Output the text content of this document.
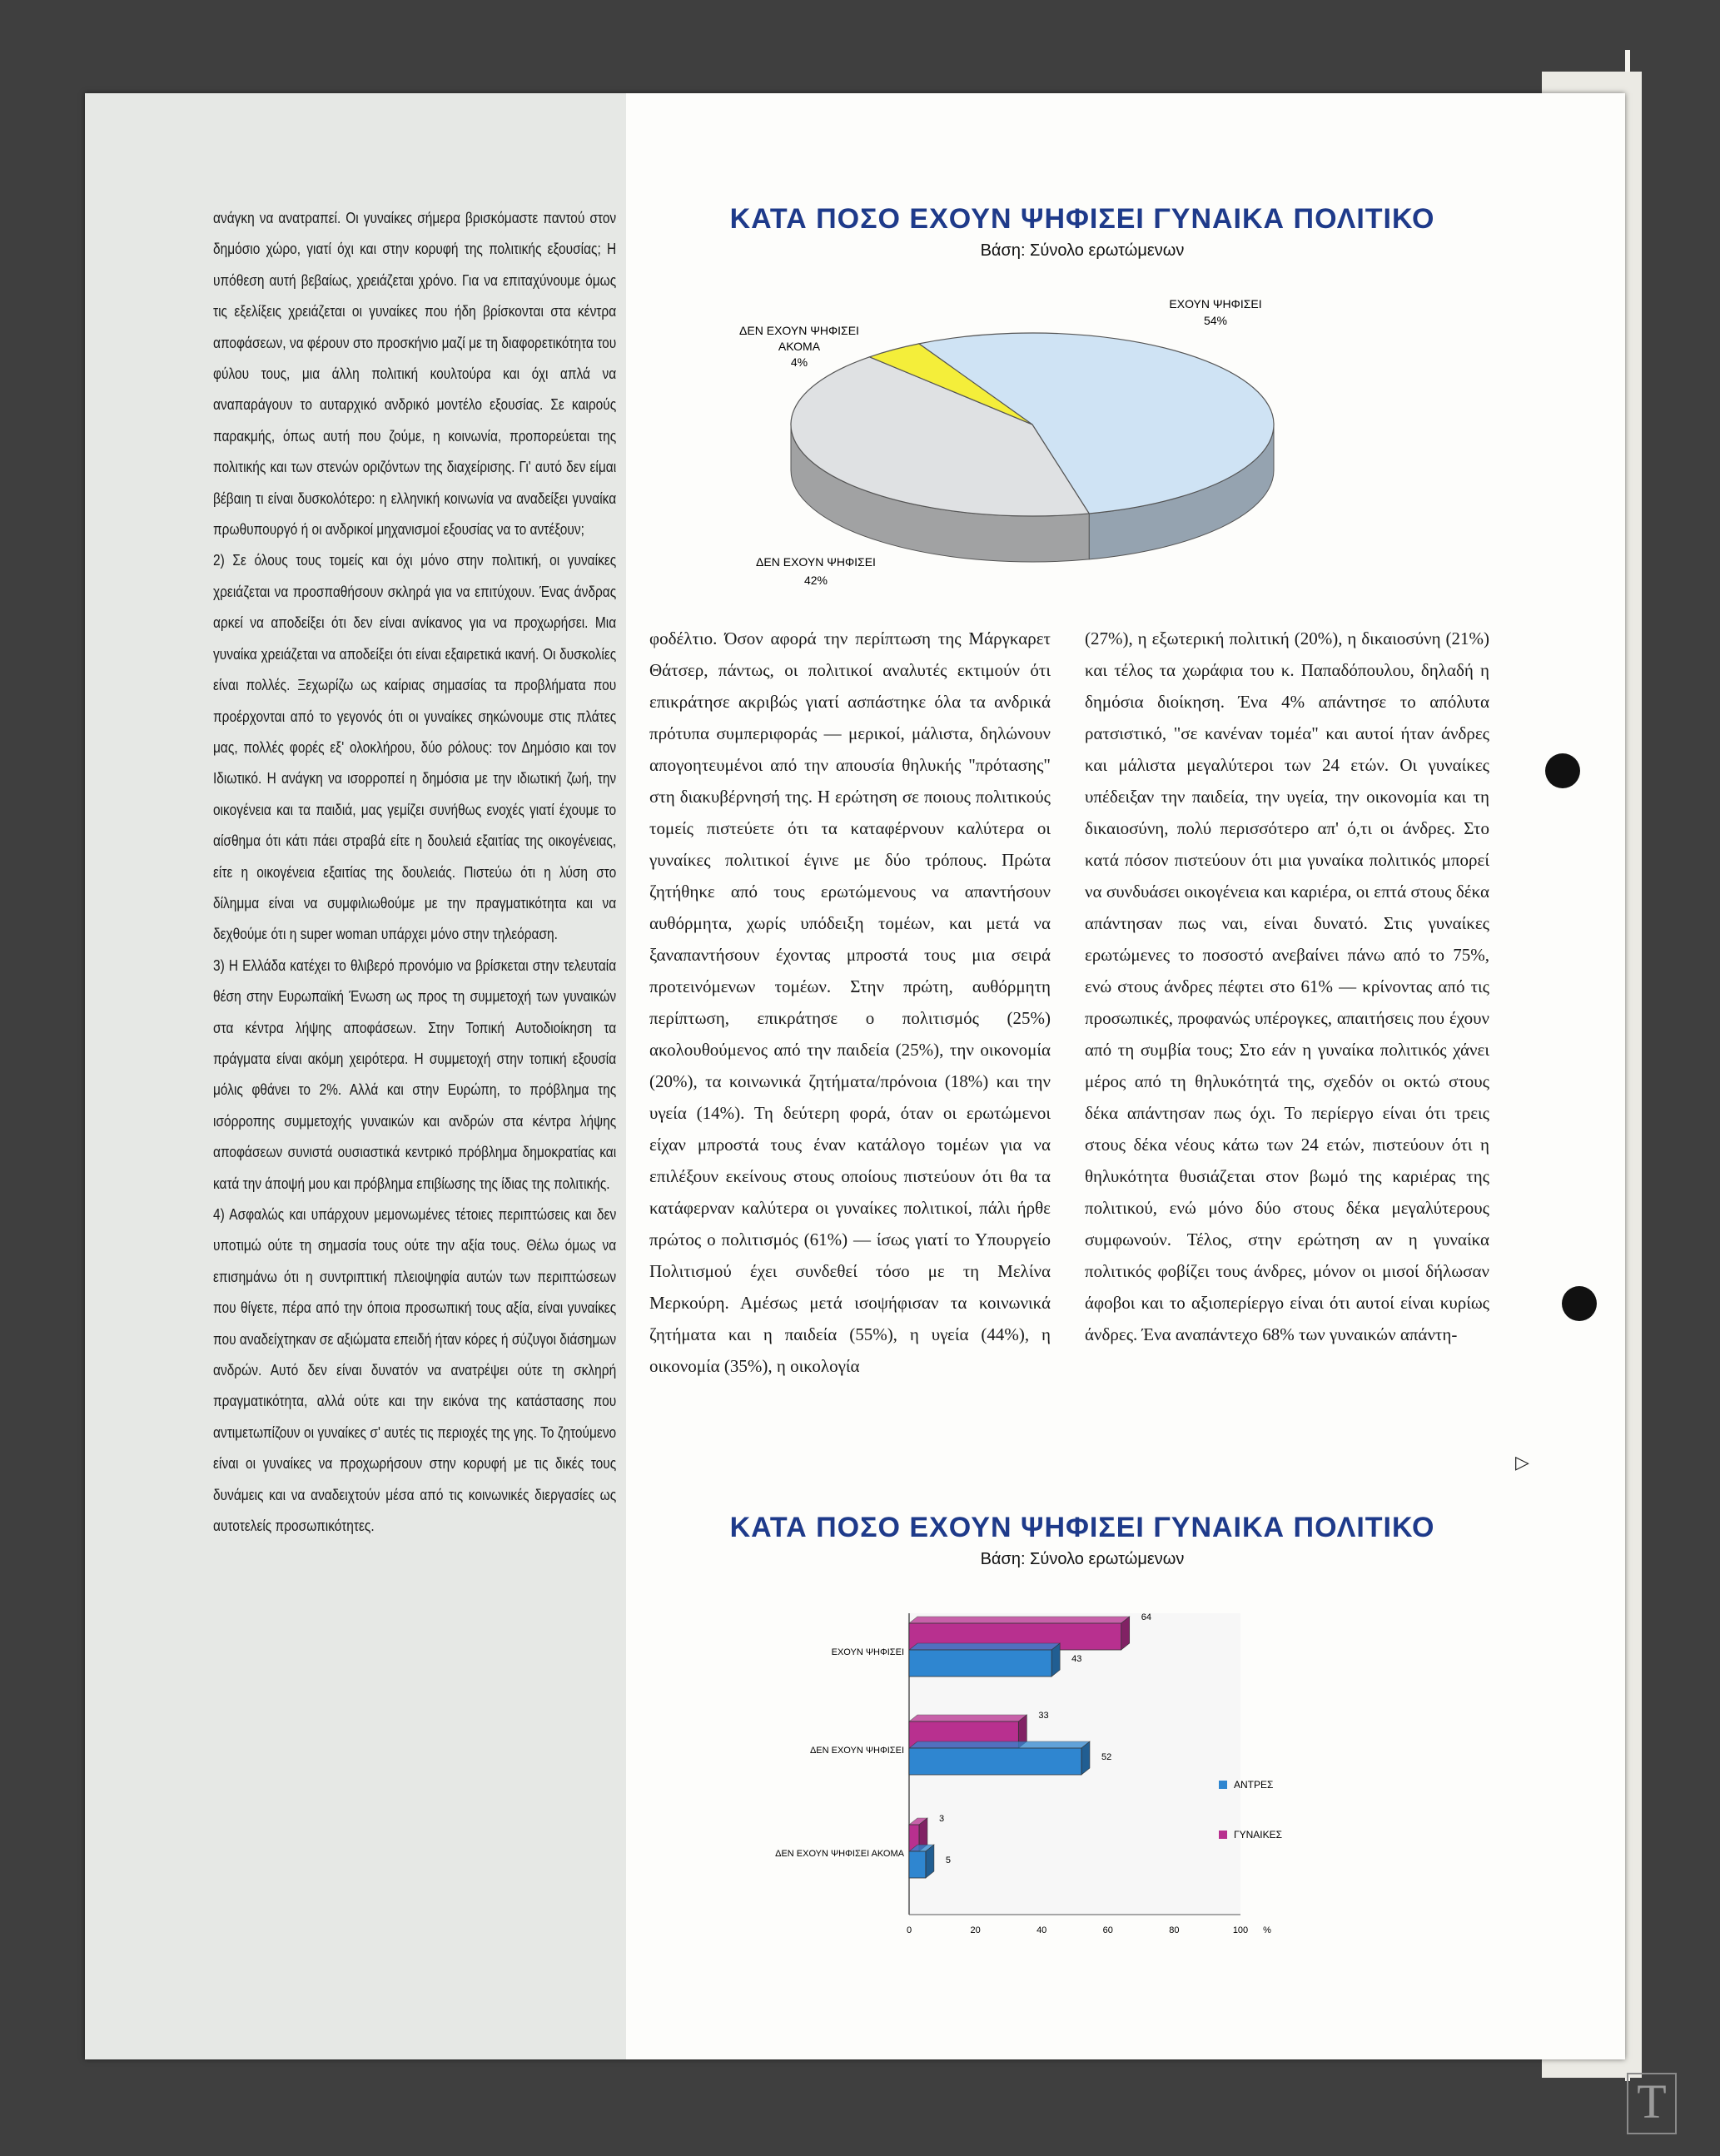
ανάγκη να ανατραπεί. Οι γυναίκες σήμερα βρισκόμαστε παντού στον δημόσιο χώρο, γιατί όχι και στην κορυφή της πολιτικής εξουσίας; Η υπόθεση αυτή βεβαίως, χρειάζεται χρόνο. Για να επιταχύνουμε όμως τις εξελίξεις χρειάζεται οι γυναίκες που ήδη βρίσκονται στα κέντρα αποφάσεων, να φέρουν στο προσκήνιο μαζί με τη διαφορετικότητα του φύλου τους, μια άλλη πολιτική κουλτούρα και όχι απλά να αναπαράγουν το αυταρχικό ανδρικό μοντέλο εξουσίας. Σε καιρούς παρακμής, όπως αυτή που ζούμε, η κοινωνία, προπορεύεται της πολιτικής και των στενών οριζόντων της διαχείρισης. Γι' αυτό δεν είμαι βέβαιη τι είναι δυσκολότερο: η ελληνική κοινωνία να αναδείξει γυναίκα πρωθυπουργό ή οι ανδρικοί μηχανισμοί εξουσίας να το αντέξουν;

2) Σε όλους τους τομείς και όχι μόνο στην πολιτική, οι γυναίκες χρειάζεται να προσπαθήσουν σκληρά για να επιτύχουν. Ένας άνδρας αρκεί να αποδείξει ότι δεν είναι ανίκανος για να προχωρήσει. Μια γυναίκα χρειάζεται να αποδείξει ότι είναι εξαιρετικά ικανή. Οι δυσκολίες είναι πολλές. Ξεχωρίζω ως καίριας σημασίας τα προβλήματα που προέρχονται από το γεγονός ότι οι γυναίκες σηκώνουμε στις πλάτες μας, πολλές φορές εξ' ολοκλήρου, δύο ρόλους: τον Δημόσιο και τον Ιδιωτικό. Η ανάγκη να ισορροπεί η δημόσια με την ιδιωτική ζωή, την οικογένεια και τα παιδιά, μας γεμίζει συνήθως ενοχές γιατί έχουμε το αίσθημα ότι κάτι πάει στραβά είτε η δουλειά εξαιτίας της οικογένειας, είτε η οικογένεια εξαιτίας της δουλειάς. Πιστεύω ότι η λύση στο δίλημμα είναι να συμφιλιωθούμε με την πραγματικότητα και να δεχθούμε ότι η super woman υπάρχει μόνο στην τηλεόραση.

3) Η Ελλάδα κατέχει το θλιβερό προνόμιο να βρίσκεται στην τελευταία θέση στην Ευρωπαϊκή Ένωση ως προς τη συμμετοχή των γυναικών στα κέντρα λήψης αποφάσεων. Στην Τοπική Αυτοδιοίκηση τα πράγματα είναι ακόμη χειρότερα. Η συμμετοχή στην τοπική εξουσία μόλις φθάνει το 2%. Αλλά και στην Ευρώπη, το πρόβλημα της ισόρροπης συμμετοχής γυναικών και ανδρών στα κέντρα λήψης αποφάσεων συνιστά ουσιαστικά κεντρικό πρόβλημα δημοκρατίας και κατά την άποψή μου και πρόβλημα επιβίωσης της ίδιας της πολιτικής.

4) Ασφαλώς και υπάρχουν μεμονωμένες τέτοιες περιπτώσεις και δεν υποτιμώ ούτε τη σημασία τους ούτε την αξία τους. Θέλω όμως να επισημάνω ότι η συντριπτική πλειοψηφία αυτών των περιπτώσεων που θίγετε, πέρα από την όποια προσωπική τους αξία, είναι γυναίκες που αναδείχτηκαν σε αξιώματα επειδή ήταν κόρες ή σύζυγοι διάσημων ανδρών. Αυτό δεν είναι δυνατόν να ανατρέψει ούτε τη σκληρή πραγματικότητα, αλλά ούτε και την εικόνα της κατάστασης που αντιμετωπίζουν οι γυναίκες σ' αυτές τις περιοχές της γης. Το ζητούμενο είναι οι γυναίκες να προχωρήσουν στην κορυφή με τις δικές τους δυνάμεις και να αναδειχτούν μέσα από τις κοινωνικές διεργασίες ως αυτοτελείς προσωπικότητες.

φοδέλτιο. Όσον αφορά την περίπτωση της Μάργκαρετ Θάτσερ, πάντως, οι πολιτικοί αναλυτές εκτιμούν ότι επικράτησε ακριβώς γιατί ασπάστηκε όλα τα ανδρικά πρότυπα συμπεριφοράς — μερικοί, μάλιστα, δηλώνουν απογοητευμένοι από την απουσία θηλυκής "πρότασης" στη διακυβέρνησή της. Η ερώτηση σε ποιους πολιτικούς τομείς πιστεύετε ότι τα καταφέρνουν καλύτερα οι γυναίκες πολιτικοί έγινε με δύο τρόπους. Πρώτα ζητήθηκε από τους ερωτώμενους να απαντήσουν αυθόρμητα, χωρίς υπόδειξη τομέων, και μετά να ξαναπαντήσουν έχοντας μπροστά τους μια σειρά προτεινόμενων τομέων. Στην πρώτη, αυθόρμητη περίπτωση, επικράτησε ο πολιτισμός (25%) ακολουθούμενος από την παιδεία (25%), την οικονομία (20%), τα κοινωνικά ζητήματα/πρόνοια (18%) και την υγεία (14%). Τη δεύτερη φορά, όταν οι ερωτώμενοι είχαν μπροστά τους έναν κατάλογο τομέων για να επιλέξουν εκείνους στους οποίους πιστεύουν ότι θα τα κατάφερναν καλύτερα οι γυναίκες πολιτικοί, πάλι ήρθε πρώτος ο πολιτισμός (61%) — ίσως γιατί το Υπουργείο Πολιτισμού έχει συνδεθεί τόσο με τη Μελίνα Μερκούρη. Αμέσως μετά ισοψήφισαν τα κοινωνικά ζητήματα και η παιδεία (55%), η υγεία (44%), η οικονομία (35%), η οικολογία

(27%), η εξωτερική πολιτική (20%), η δικαιοσύνη (21%) και τέλος τα χωράφια του κ. Παπαδόπουλου, δηλαδή η δημόσια διοίκηση. Ένα 4% απάντησε το απόλυτα ρατσιστικό, "σε κανέναν τομέα" και αυτοί ήταν άνδρες και μάλιστα μεγαλύτεροι των 24 ετών. Οι γυναίκες υπέδειξαν την παιδεία, την υγεία, την οικονομία και τη δικαιοσύνη, πολύ περισσότερο απ' ό,τι οι άνδρες. Στο κατά πόσον πιστεύουν ότι μια γυναίκα πολιτικός μπορεί να συνδυάσει οικογένεια και καριέρα, οι επτά στους δέκα απάντησαν πως ναι, είναι δυνατό. Στις γυναίκες ερωτώμενες το ποσοστό ανεβαίνει πάνω από το 75%, ενώ στους άνδρες πέφτει στο 61% — κρίνοντας από τις προσωπικές, προφανώς υπέρογκες, απαιτήσεις που έχουν από τη συμβία τους; Στο εάν η γυναίκα πολιτικός χάνει μέρος από τη θηλυκότητά της, σχεδόν οι οκτώ στους δέκα απάντησαν πως όχι. Το περίεργο είναι ότι τρεις στους δέκα νέους κάτω των 24 ετών, πιστεύουν ότι η θηλυκότητα θυσιάζεται στον βωμό της καριέρας της πολιτικού, ενώ μόνο δύο στους δέκα μεγαλύτερους συμφωνούν. Τέλος, στην ερώτηση αν η γυναίκα πολιτικός φοβίζει τους άνδρες, μόνον οι μισοί δήλωσαν άφοβοι και το αξιοπερίεργο είναι ότι αυτοί είναι κυρίως άνδρες. Ένα αναπάντεχο 68% των γυναικών απάντη-

▷
ΚΑΤΑ ΠΟΣΟ ΕΧΟΥΝ ΨΗΦΙΣΕΙ ΓΥΝΑΙΚΑ ΠΟΛΙΤΙΚΟ
Βάση: Σύνολο ερωτώμενων
ΕΧΟΥΝ ΨΗΦΙΣΕΙ
54%
ΔΕΝ ΕΧΟΥΝ ΨΗΦΙΣΕΙ
42%
ΔΕΝ ΕΧΟΥΝ ΨΗΦΙΣΕΙ ΑΚΟΜΑ
4%
ΚΑΤΑ ΠΟΣΟ ΕΧΟΥΝ ΨΗΦΙΣΕΙ ΓΥΝΑΙΚΑ ΠΟΛΙΤΙΚΟ
Βάση: Σύνολο ερωτώμενων
64
43
33
52
3
5
ΕΧΟΥΝ ΨΗΦΙΣΕΙ
ΔΕΝ ΕΧΟΥΝ ΨΗΦΙΣΕΙ
ΔΕΝ ΕΧΟΥΝ ΨΗΦΙΣΕΙ ΑΚΟΜΑ
0	20	40	60	80	100 %
ΑΝΤΡΕΣ
ΓΥΝΑΙΚΕΣ
T
